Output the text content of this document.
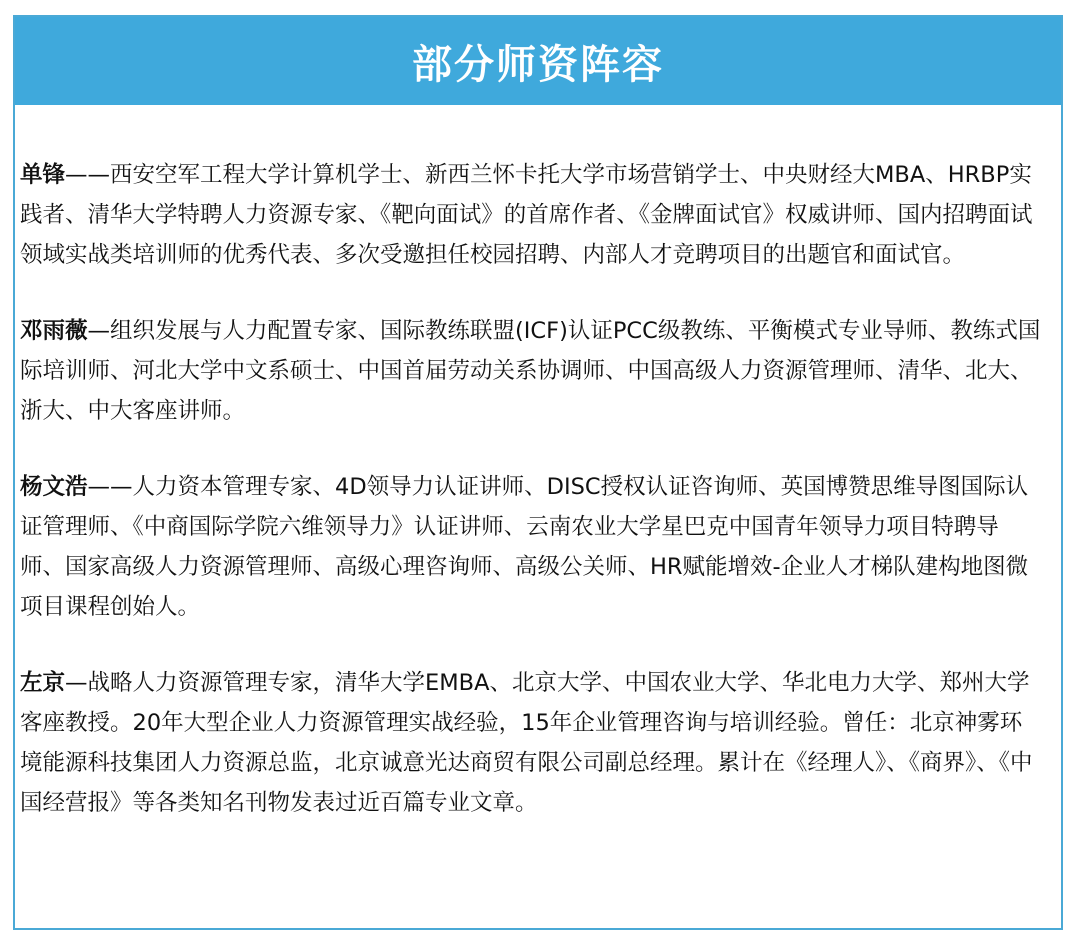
部分师资阵容

单锋——西安空军工程大学计算机学士、新西兰怀卡托大学市场营销学士、中央财经大MBA、HRBP实践者、清华大学特聘人力资源专家、《靶向面试》的首席作者、《金牌面试官》权威讲师、国内招聘面试领域实战类培训师的优秀代表、多次受邀担任校园招聘、内部人才竞聘项目的出题官和面试官。

邓雨薇—组织发展与人力配置专家、国际教练联盟(ICF)认证PCC级教练、平衡模式专业导师、教练式国际培训师、河北大学中文系硕士、中国首届劳动关系协调师、中国高级人力资源管理师、清华、北大、浙大、中大客座讲师。

杨文浩——人力资本管理专家、4D领导力认证讲师、DISC授权认证咨询师、英国博赞思维导图国际认证管理师、《中商国际学院六维领导力》认证讲师、云南农业大学星巴克中国青年领导力项目特聘导师、国家高级人力资源管理师、高级心理咨询师、高级公关师、HR赋能增效-企业人才梯队建构地图微项目课程创始人。

左京—战略人力资源管理专家，清华大学EMBA、北京大学、中国农业大学、华北电力大学、郑州大学客座教授。20年大型企业人力资源管理实战经验，15年企业管理咨询与培训经验。曾任：北京神雾环境能源科技集团人力资源总监，北京诚意光达商贸有限公司副总经理。累计在《经理人》、《商界》、《中国经营报》等各类知名刊物发表过近百篇专业文章。
